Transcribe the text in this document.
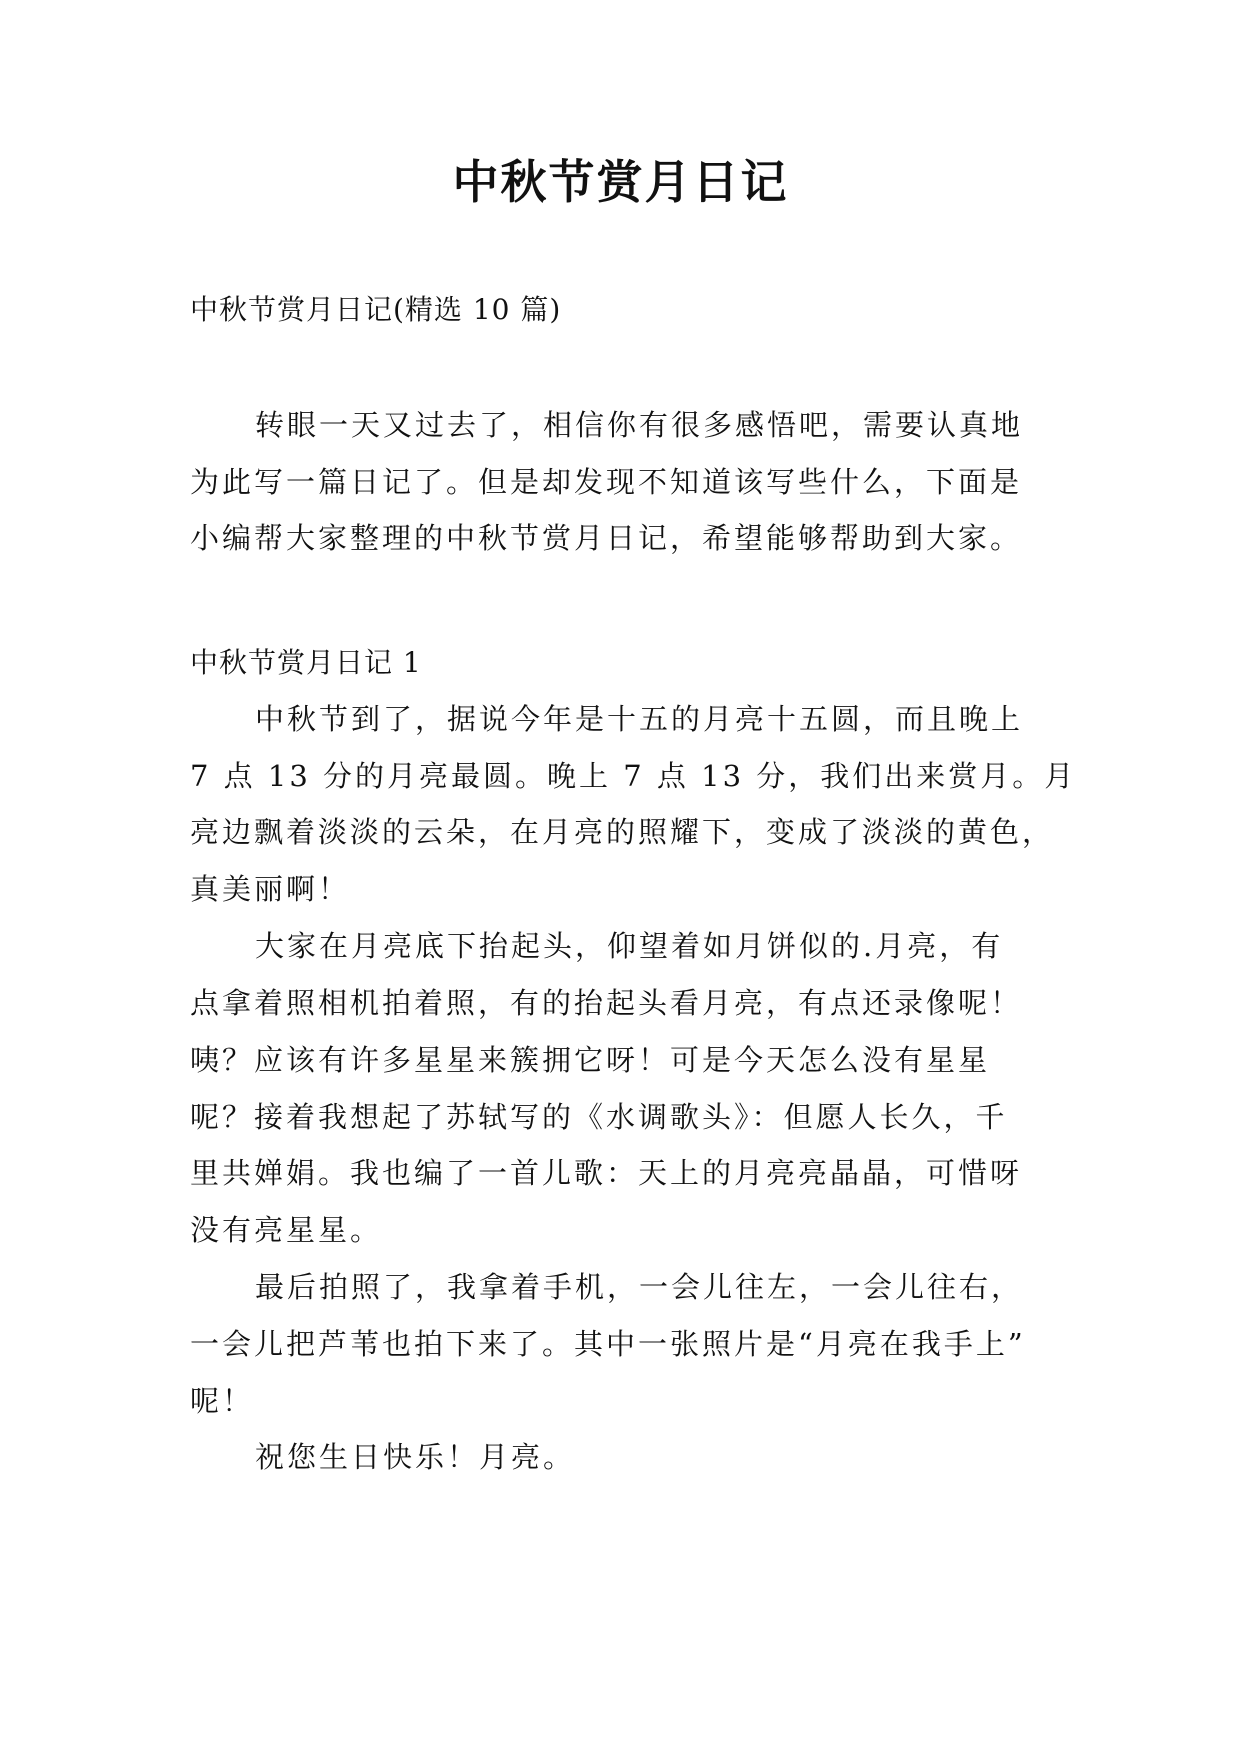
中秋节赏月日记
中秋节赏月日记(精选 10 篇)
转眼一天又过去了，相信你有很多感悟吧，需要认真地
为此写一篇日记了。但是却发现不知道该写些什么，下面是
小编帮大家整理的中秋节赏月日记，希望能够帮助到大家。
中秋节赏月日记 1
中秋节到了，据说今年是十五的月亮十五圆，而且晚上
7 点 13 分的月亮最圆。晚上 7 点 13 分，我们出来赏月。月
亮边飘着淡淡的云朵，在月亮的照耀下，变成了淡淡的黄色，
真美丽啊！
大家在月亮底下抬起头，仰望着如月饼似的.月亮，有
点拿着照相机拍着照，有的抬起头看月亮，有点还录像呢！
咦？应该有许多星星来簇拥它呀！可是今天怎么没有星星
呢？接着我想起了苏轼写的《水调歌头》：但愿人长久，千
里共婵娟。我也编了一首儿歌：天上的月亮亮晶晶，可惜呀
没有亮星星。
最后拍照了，我拿着手机，一会儿往左，一会儿往右，
一会儿把芦苇也拍下来了。其中一张照片是“月亮在我手上”
呢！
祝您生日快乐！月亮。
